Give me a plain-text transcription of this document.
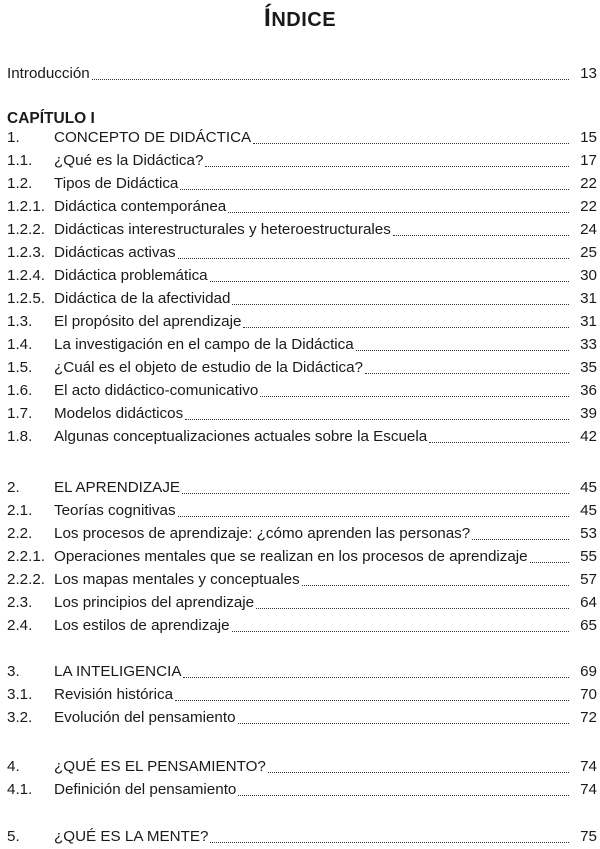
ÍNDICE
Introducción	13
CAPÍTULO I
1.	CONCEPTO DE DIDÁCTICA	15
1.1.	¿Qué es la Didáctica?	17
1.2.	Tipos de Didáctica	22
1.2.1. Didáctica contemporánea	22
1.2.2. Didácticas interestructurales y heteroestructurales	24
1.2.3. Didácticas activas	25
1.2.4. Didáctica problemática	30
1.2.5. Didáctica de la afectividad	31
1.3.	El propósito del aprendizaje	31
1.4.	La investigación en el campo de la Didáctica	33
1.5.	¿Cuál es el objeto de estudio de la Didáctica?	35
1.6.	El acto didáctico-comunicativo	36
1.7.	Modelos didácticos	39
1.8.	Algunas conceptualizaciones actuales sobre la Escuela	42
2.	EL APRENDIZAJE	45
2.1.	Teorías cognitivas	45
2.2.	Los procesos de aprendizaje: ¿cómo aprenden las personas?	53
2.2.1. Operaciones mentales que se realizan en los procesos de aprendizaje	55
2.2.2. Los mapas mentales y conceptuales	57
2.3.	Los principios del aprendizaje	64
2.4.	Los estilos de aprendizaje	65
3.	LA INTELIGENCIA	69
3.1.	Revisión histórica	70
3.2.	Evolución del pensamiento	72
4.	¿QUÉ ES EL PENSAMIENTO?	74
4.1.	Definición del pensamiento	74
5.	¿QUÉ ES LA MENTE?	75
